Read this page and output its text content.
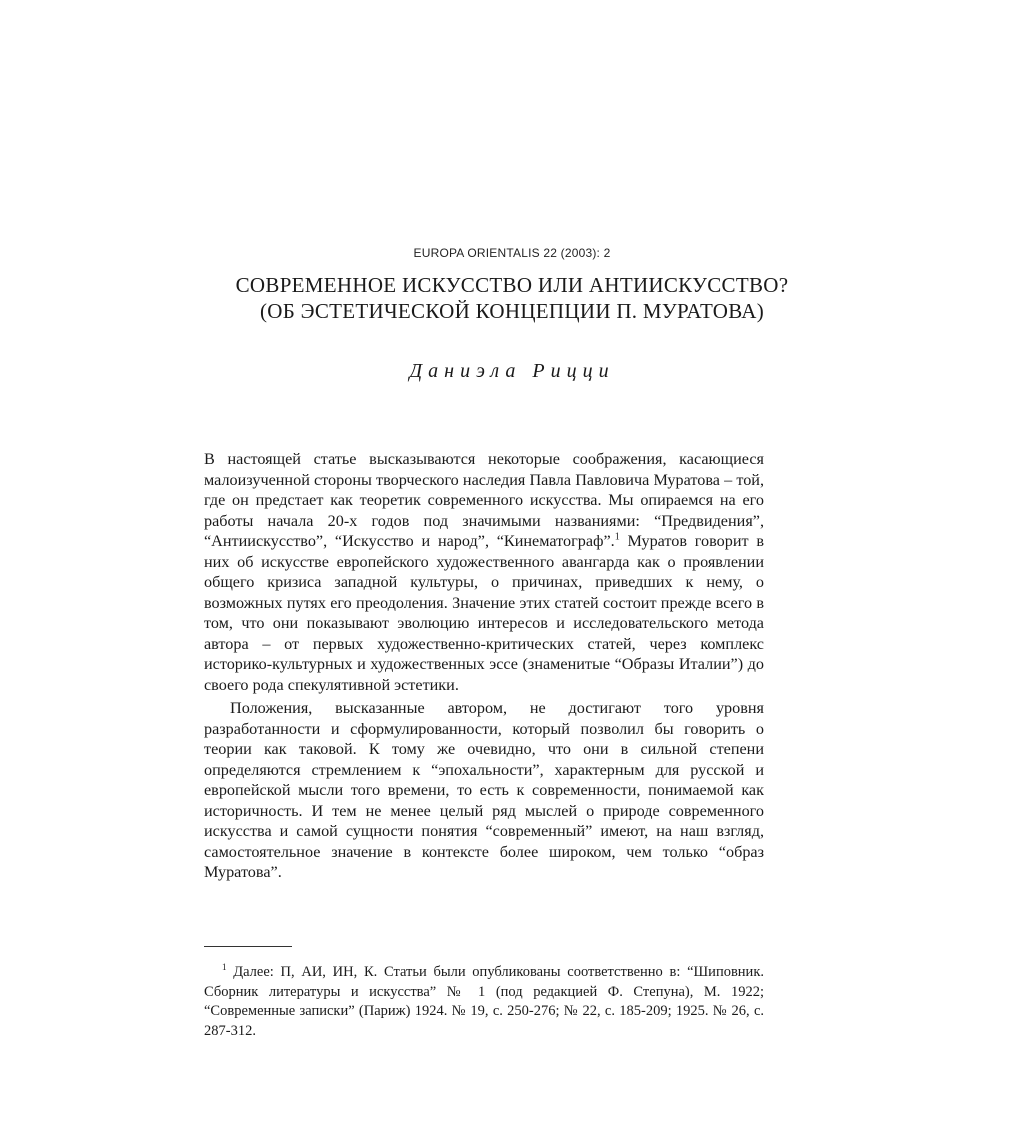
EUROPA ORIENTALIS 22 (2003): 2
СОВРЕМЕННОЕ ИСКУССТВО ИЛИ АНТИИСКУССТВО?
(ОБ ЭСТЕТИЧЕСКОЙ КОНЦЕПЦИИ П. МУРАТОВА)
Даниэла Рицци

В настоящей статье высказываются некоторые соображения, касающиеся малоизученной стороны творческого наследия Павла Павловича Муратова – той, где он предстает как теоретик современного искусства. Мы опираемся на его работы начала 20-х годов под значимыми названиями: “Предвидения”, “Антиискусство”, “Искусство и народ”, “Кинематограф”.$^1$ Муратов говорит в них об искусстве европейского художественного авангарда как о проявлении общего кризиса западной культуры, о причинах, приведших к нему, о возможных путях его преодоления. Значение этих статей состоит прежде всего в том, что они показывают эволюцию интересов и исследовательского метода автора – от первых художественно-критических статей, через комплекс историко-культурных и художественных эссе (знаменитые “Образы Италии”) до своего рода спекулятивной эстетики.

Положения, высказанные автором, не достигают того уровня разработанности и сформулированности, который позволил бы говорить о теории как таковой. К тому же очевидно, что они в сильной степени определяются стремлением к “эпохальности”, характерным для русской и европейской мысли того времени, то есть к современности, понимаемой как историчность. И тем не менее целый ряд мыслей о природе современного искусства и самой сущности понятия “современный” имеют, на наш взгляд, самостоятельное значение в контексте более широком, чем только “образ Муратова”.

$^1$ Далее: П, АИ, ИН, К. Статьи были опубликованы соответственно в: “Шиповник. Сборник литературы и искусства” № 1 (под редакцией Ф. Степуна), М. 1922; “Современные записки” (Париж) 1924. № 19, с. 250-276; № 22, с. 185-209; 1925. № 26, с. 287-312.
